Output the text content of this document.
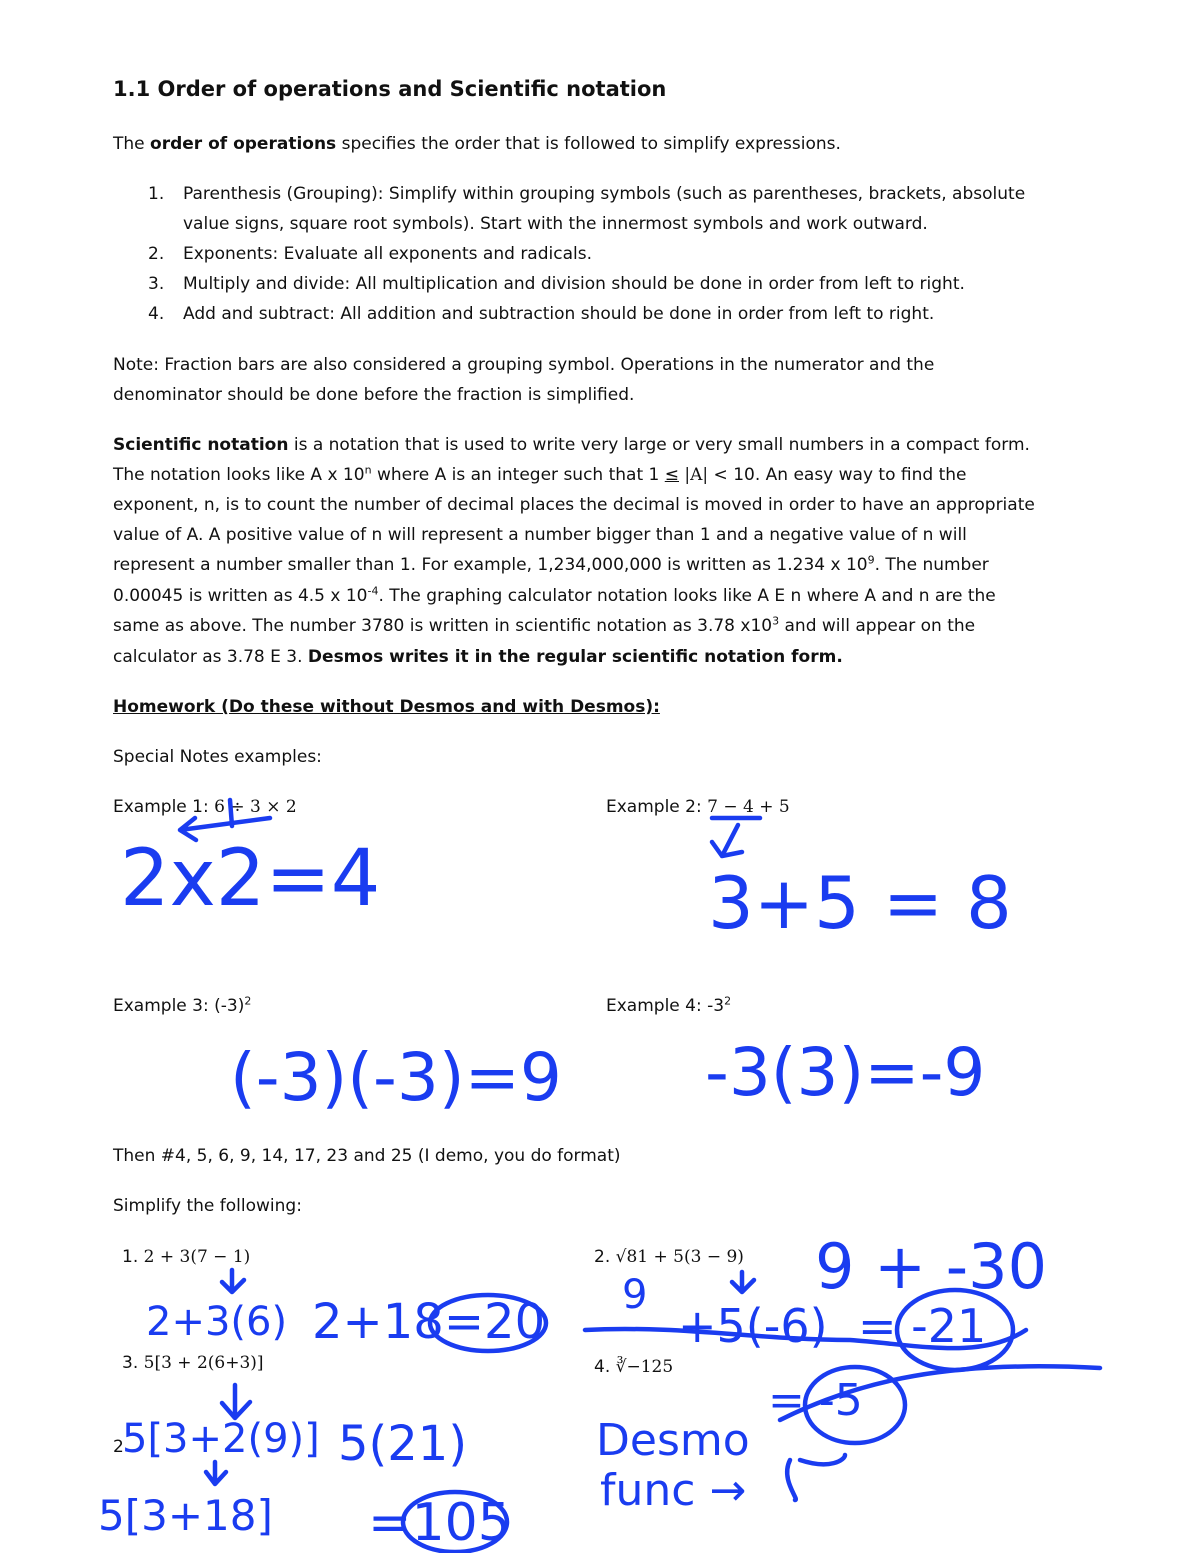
1.1 Order of operations and Scientific notation
The order of operations specifies the order that is followed to simplify expressions.
1. Parenthesis (Grouping): Simplify within grouping symbols (such as parentheses, brackets, absolute
value signs, square root symbols). Start with the innermost symbols and work outward.
2. Exponents: Evaluate all exponents and radicals.
3. Multiply and divide: All multiplication and division should be done in order from left to right.
4. Add and subtract: All addition and subtraction should be done in order from left to right.
Note: Fraction bars are also considered a grouping symbol. Operations in the numerator and the
denominator should be done before the fraction is simplified.
Scientific notation is a notation that is used to write very large or very small numbers in a compact form.
The notation looks like A x 10$^n$ where A is an integer such that 1 ≤ |A| < 10. An easy way to find the
exponent, n, is to count the number of decimal places the decimal is moved in order to have an appropriate
value of A. A positive value of n will represent a number bigger than 1 and a negative value of n will
represent a number smaller than 1. For example, 1,234,000,000 is written as 1.234 x $10^9$. The number
0.00045 is written as 4.5 x $10^{-4}$. The graphing calculator notation looks like A E n where A and n are the
same as above. The number 3780 is written in scientific notation as 3.78 $x10^3$ and will appear on the
calculator as 3.78 E 3. Desmos writes it in the regular scientific notation form.
Homework (Do these without Desmos and with Desmos):
Special Notes examples:
Example 1: 6 ÷ 3 × 2	Example 2: 7 − 4 + 5
Example 3: $(-3)^2$	Example 4: $-3^2$
Then #4, 5, 6, 9, 14, 17, 23 and 25 (I demo, you do format)
Simplify the following:
1. 2 + 3(7 − 1)	2. √81 + 5(3 − 9)
3. 5[3 + 2(6+3)]	4. ∛−125
2
2x2=4	3+5 = 8
(-3)(-3)=9 -3(3)=-9
2+3(6) 2+18=20
9 + -30
9
+5(-6) = -21
5[3+2(9)]
5[3+18]
5(21)
=105
= -5
Desmo
func →
